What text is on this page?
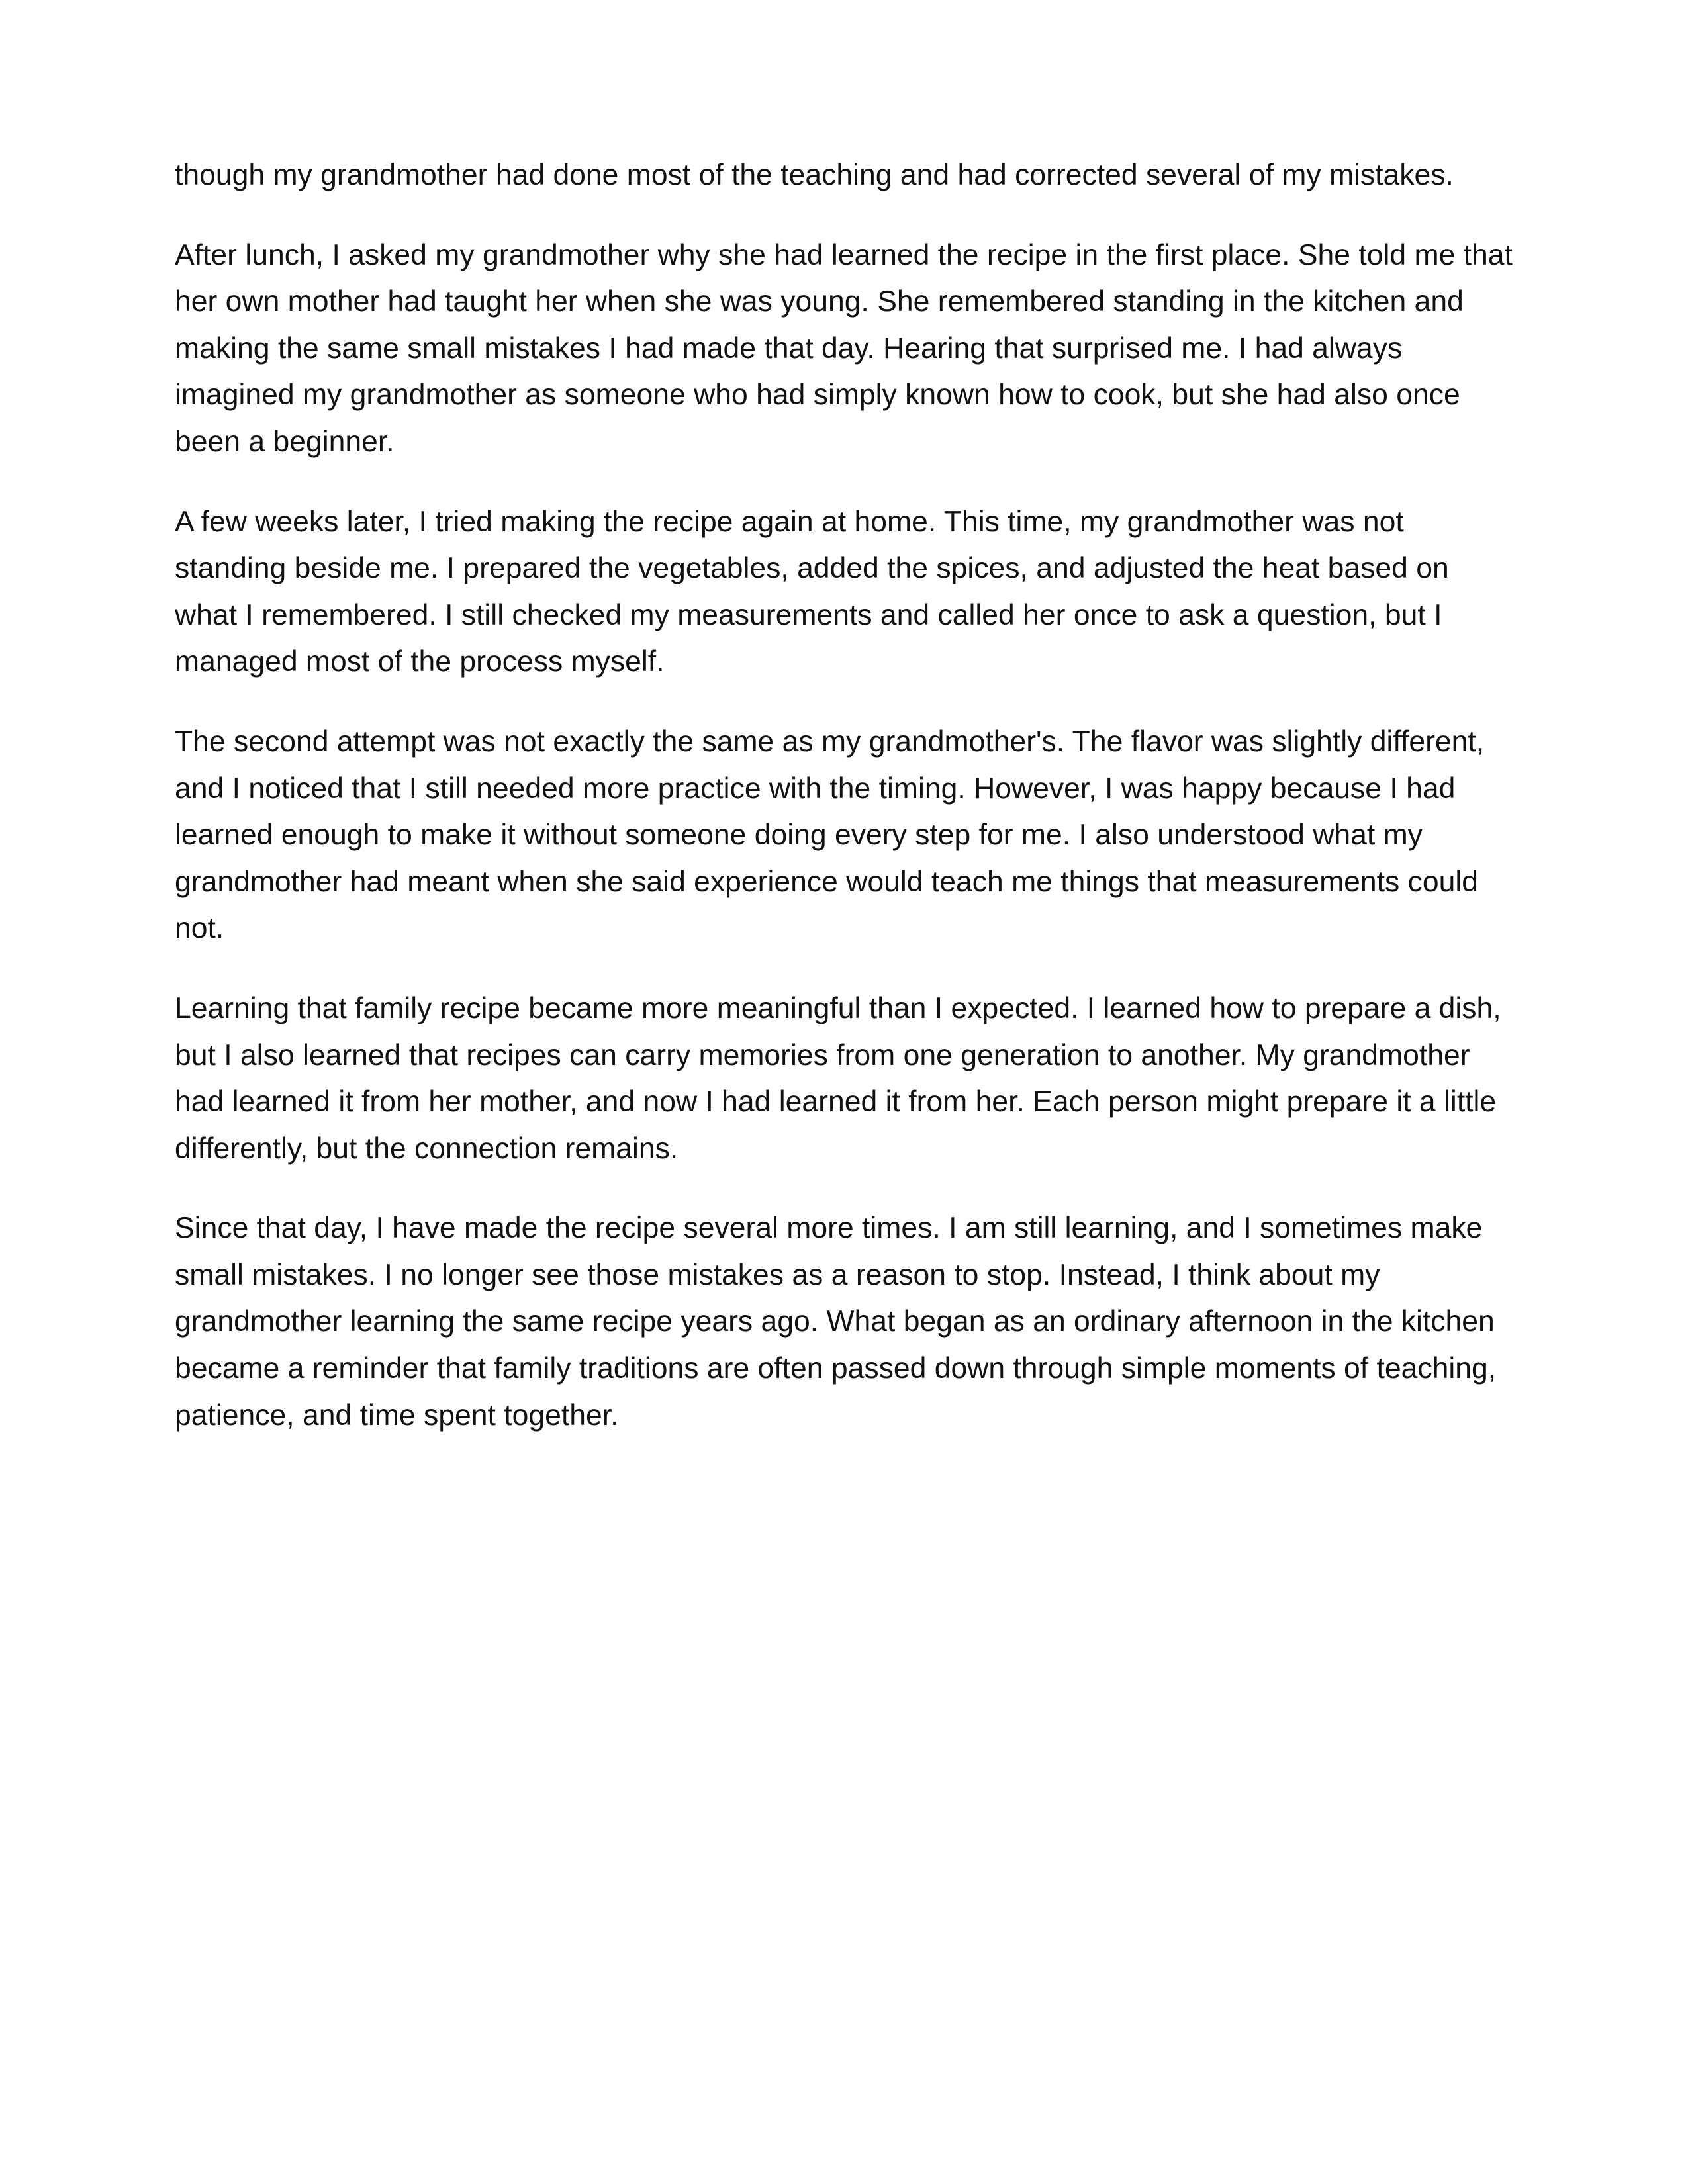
though my grandmother had done most of the teaching and had corrected several of my mistakes.

After lunch, I asked my grandmother why she had learned the recipe in the first place. She told me that her own mother had taught her when she was young. She remembered standing in the kitchen and making the same small mistakes I had made that day. Hearing that surprised me. I had always imagined my grandmother as someone who had simply known how to cook, but she had also once been a beginner.

A few weeks later, I tried making the recipe again at home. This time, my grandmother was not standing beside me. I prepared the vegetables, added the spices, and adjusted the heat based on what I remembered. I still checked my measurements and called her once to ask a question, but I managed most of the process myself.

The second attempt was not exactly the same as my grandmother's. The flavor was slightly different, and I noticed that I still needed more practice with the timing. However, I was happy because I had learned enough to make it without someone doing every step for me. I also understood what my grandmother had meant when she said experience would teach me things that measurements could not.

Learning that family recipe became more meaningful than I expected. I learned how to prepare a dish, but I also learned that recipes can carry memories from one generation to another. My grandmother had learned it from her mother, and now I had learned it from her. Each person might prepare it a little differently, but the connection remains.

Since that day, I have made the recipe several more times. I am still learning, and I sometimes make small mistakes. I no longer see those mistakes as a reason to stop. Instead, I think about my grandmother learning the same recipe years ago. What began as an ordinary afternoon in the kitchen became a reminder that family traditions are often passed down through simple moments of teaching, patience, and time spent together.
